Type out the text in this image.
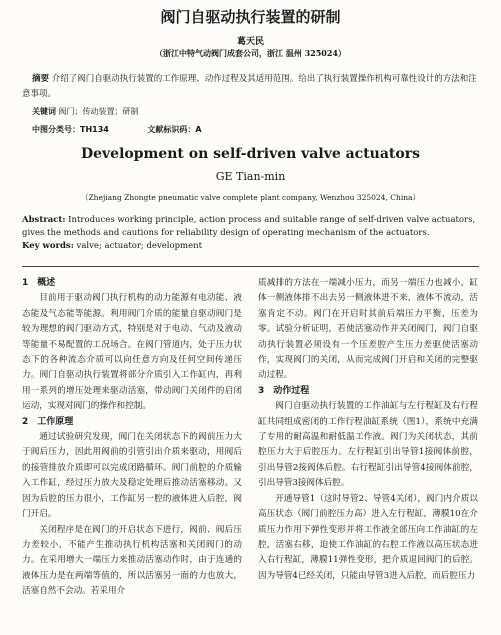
阀门自驱动执行装置的研制
葛天民
（浙江中特气动阀门成套公司，浙江 温州 325024）
摘要 介绍了阀门自驱动执行装置的工作原理、动作过程及其适用范围。给出了执行装置操作机构可靠性设计的方法和注意事项。
关键词 阀门；传动装置；研制
中图分类号：TH134	文献标识码：A
Development on self-driven valve actuators
GE Tian-min
（Zhejiang Zhongte pneumatic valve complete plant company, Wenzhou 325024, China）
Abstract: Introduces working principle, action process and suitable range of self-driven valve actuators, gives the methods and cautions for reliability design of operating mechanism of the actuators.
Key words: valve; actuator; development
1　概述

目前用于驱动阀门执行机构的动力能源有电动能、液态能及气态能等能源。利用阀门介质的能量自驱动阀门是较为理想的阀门驱动方式，特别是对于电动、气动及液动等能量不易配置的工况场合。在阀门管道内，处于压力状态下的各种流态介质可以向任意方向及任何空间传递压力。阀门自驱动执行装置将部分介质引入工作缸内，再利用一系列的增压处理来驱动活塞，带动阀门关闭件的启闭运动，实现对阀门的操作和控制。

2　工作原理

通过试验研究发现，阀门在关闭状态下的阀前压力大于阀后压力，因此用阀前的引管引出介质来驱动，用阀后的接管排放介质即可以完成闭路循环。阀门前腔的介质输入工作缸，经过压力放大及稳定处理后推动活塞移动。又因为后腔的压力很小，工作缸另一腔的液体进入后腔，阀门开启。

关闭程序是在阀门的开启状态下进行，阀前、阀后压力差较小，不能产生推动执行机构活塞和关闭阀门的动力。在采用增大一端压力来推动活塞动作时，由于连通的液体压力是在两端等值的，所以活塞另一面的力也放大，活塞自然不会动。若采用介

质减排的方法在一端减小压力，而另一端压力也减小，缸体一侧液体排不出去另一侧液体进不来，液体不流动，活塞肯定不动。阀门在开启时其前后端压力平衡，压差为零。试验分析证明，若使活塞动作并关闭阀门，阀门自驱动执行装置必须设有一个压差腔产生压力差驱使活塞动作，实现阀门的关闭，从而完成阀门开启和关闭的完整驱动过程。

3　动作过程

阀门自驱动执行装置的工作油缸与左行程缸及右行程缸共同组成密闭的工作行程油缸系统（图1），系统中充满了专用的耐高温和耐低温工作液。阀门为关闭状态，其前腔压力大于后腔压力。左行程缸引出导管1接阀体前腔，引出导管2接阀体后腔。右行程缸引出导管4接阀体前腔，引出导管3接阀体后腔。

开通导管1（这时导管2、导管4关闭），阀门内介质以高压状态（阀门前腔压力高）进入左行程缸，薄膜10在介质压力作用下弹性变形并将工作液全部压向工作油缸的左腔，活塞右移，迫使工作油缸的右腔工作液以高压状态进入右行程缸，薄膜11弹性变形，把介质退回阀门的后腔。因为导管4已经关闭，只能由导管3进入后腔，而后腔压力
